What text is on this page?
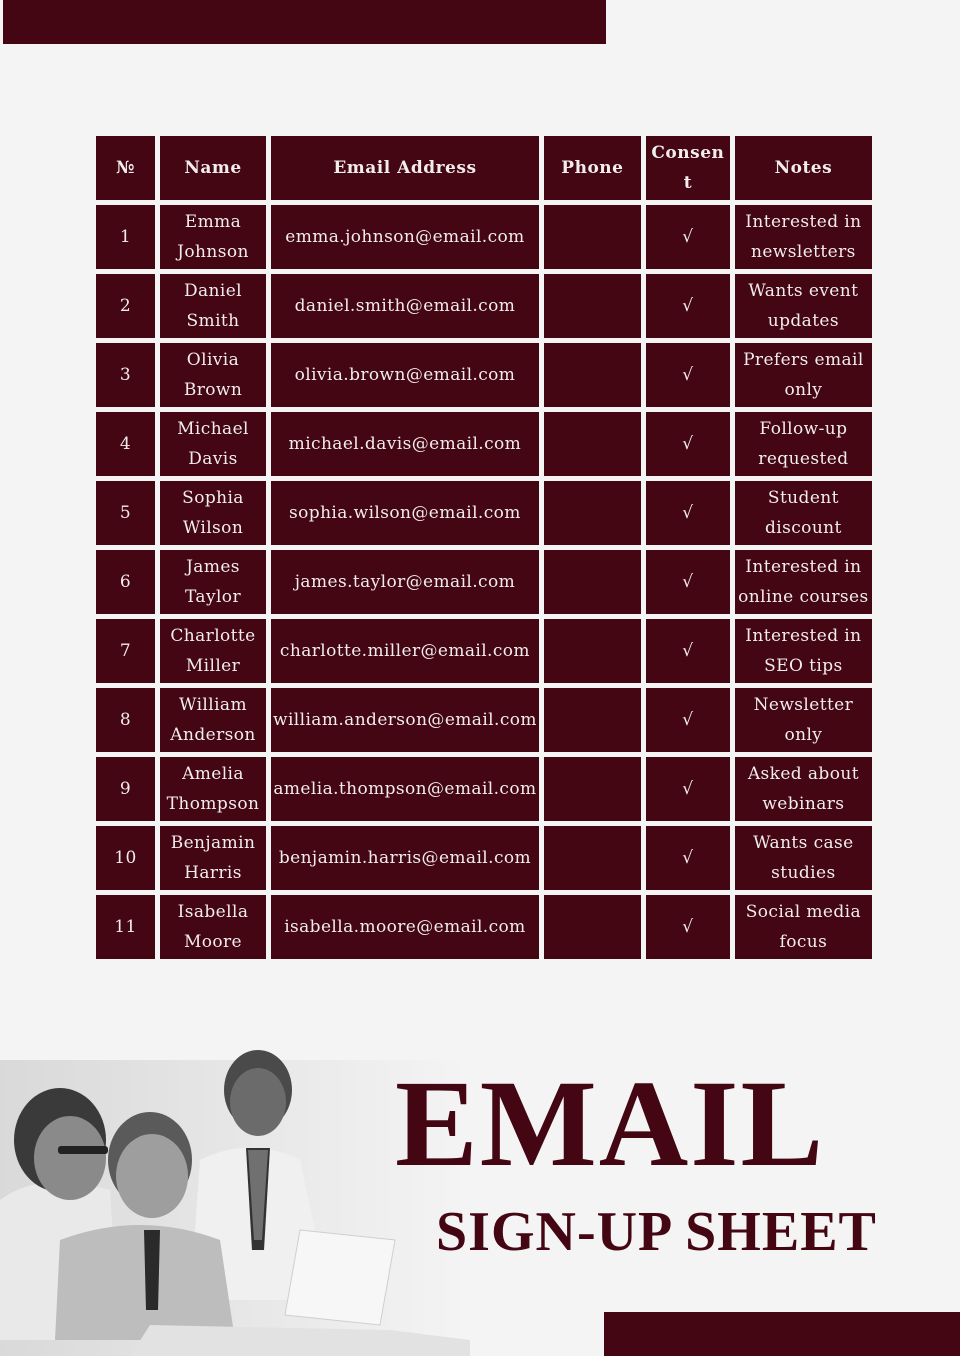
№	Name	Email Address	Phone	Consen t	Notes
1	Emma Johnson	emma.johnson@email.com		√	Interested in newsletters
2	Daniel Smith	daniel.smith@email.com		√	Wants event updates
3	Olivia Brown	olivia.brown@email.com		√	Prefers email only
4	Michael Davis	michael.davis@email.com		√	Follow-up requested
5	Sophia Wilson	sophia.wilson@email.com		√	Student discount
6	James Taylor	james.taylor@email.com		√	Interested in online courses
7	Charlotte Miller	charlotte.miller@email.com		√	Interested in SEO tips
8	William Anderson	william.anderson@email.com		√	Newsletter only
9	Amelia Thompson	amelia.thompson@email.com		√	Asked about webinars
10	Benjamin Harris	benjamin.harris@email.com		√	Wants case studies
11	Isabella Moore	isabella.moore@email.com		√	Social media focus
EMAIL
SIGN-UP SHEET
